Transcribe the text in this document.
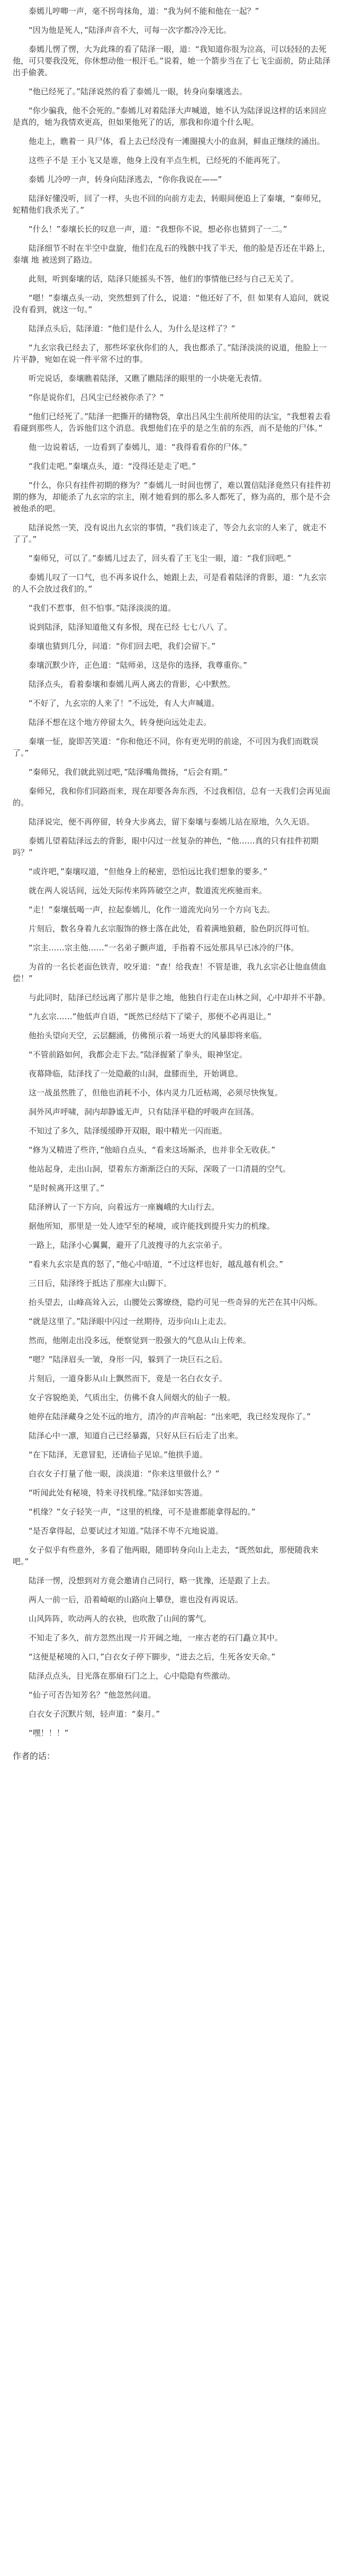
泰嫣儿哼唧一声，毫不拐弯抹角，道：“我为何不能和他在一起？”

“因为他是死人，”陆泽声音不大，可每一次字都冷冷无比。

泰嫣儿愣了愣，大为此珠的看了陆泽一眼，道：“我知道你很为泣高，可以轻轻的去死他，可只要我没死，你休想动他一根汗毛。”说着，她一个箭步当在了七飞尘面前，防止陆泽出手偷袭。

“他已经死了。”陆泽说然的看了泰嫣儿一眼，转身向秦壤逃去。

“你少骗我，他不会死的。”泰嫣儿对着陆泽大声喊道，她不认为陆泽说这样的话来回应是真的，她为我情欢更高，但如果他死了的话，那我和你道个什么呢。

他走上，瞧着一 具尸体，看上去已经没有一滩圈摸大小的血洞，鲜血正继续的涌出。

这些子不是 王小飞又是谁，他身上没有半点生机，已经死的不能再死了。

泰嫣 儿冷哼一声，转身向陆泽逃去，“你你我说在——”

陆泽好懂没听，回了一样，头也不回的向前方走去，转眼间便追上了秦壤，“秦师兄，蛇精他们我杀光了。”

“什么！”泰壤长长的叹息一声，道：“我想你不说，想必你也猜到了一二。”

陆泽细节不时在半空中盘旋，他们在乱石的残骸中找了半天，他的脸是否还在半路上，泰壤 地 被送到了路边。

此刻，听到秦壤的话，陆泽只能摇头不答，他们的事情他已经与自己无关了。

“嗯！”泰壤点头一动，突然想到了什么，说道：“他还好了不，但 如果有人追问，就说没有看到，就这一句。”

陆泽点头后，陆泽道：“他们是什么人，为什么是这样了？”

“九玄宗我已经去了，那些坏家伙你们的人，我也都杀了。”陆泽淡淡的说道，他脸上一片平静，宛如在说一件平常不过的事。

听完说话，泰壤瞧着陆泽，又瞧了瞧陆泽的眼里的一小块毫无表情。

“你是说你们，吕风尘已经被你杀了？”

“他们已经死了。”陆泽一把撕开的储物袋，拿出吕风尘生前所使用的法宝，“我想着去看看碰到那些人，告诉他们这个消息。我想他们在乎的是之生前的东西，而不是他的尸体。”

他一边说着话，一边看到了泰嫣儿，道：“我得看看你的尸体。”

“我们走吧。”秦壤点头，道：“没得还是走了吧。”

“什么，你只有挂件初期的修为？”泰嫣儿一时间也愣了，难以置信陆泽竟然只有挂件初期的修为，却能杀了九玄宗的宗主，刚才她看到的那么多人都死了，修为高的，那个是不会被他杀的吧。

陆泽说然一笑，没有说出九玄宗的事情，“我们该走了，等会九玄宗的人来了，就走不了了。”

“秦师兄，可以了。”泰嫣儿过去了，回头看了王飞尘一眼，道：“我们回吧。”

泰嫣儿叹了一口气，也不再多说什么，她跟上去，可是看着陆泽的背影，道：“九玄宗的人不会放过我们的。”

“我们不惹事，但不怕事。”陆泽淡淡的道。

说到陆泽，陆泽知道他又有多恨，现在已经 七七八八 了。

泰壤也猜到几分，问道：“你们回去吧，我们会留下。”

泰壤沉默少许，正色道：“陆师弟，这是你的选择，我尊重你。”

陆泽点头，看着泰壤和泰嫣儿两人离去的背影，心中默然。

“不好了，九玄宗的人来了！”不远处，有人大声喊道。

陆泽不想在这个地方停留太久，转身便向远处走去。

秦壤一怔，旋即苦笑道：“你和他还不同，你有更光明的前途，不可因为我们而耽误了。”

“秦师兄，我们就此别过吧，”陆泽嘴角微扬，“后会有期。”

秦师兄，我和你们同路而来，现在却要各奔东西，不过我相信，总有一天我们会再见面的。

陆泽说完，便不再停留，转身大步离去，留下秦壤与泰嫣儿站在原地，久久无语。

泰嫣儿望着陆泽远去的背影，眼中闪过一丝复杂的神色，“他……真的只有挂件初期吗？”

“或许吧，”秦壤叹道，“但他身上的秘密，恐怕远比我们想象的要多。”

就在两人说话间，远处天际传来阵阵破空之声，数道流光疾驰而来。

“走！”秦壤低喝一声，拉起泰嫣儿，化作一道流光向另一个方向飞去。

片刻后，数名身着九玄宗服饰的修士落在此处，看着满地狼藉，脸色阴沉得可怕。

“宗主……宗主他……”一名弟子颤声道，手指着不远处那具早已冰冷的尸体。

为首的一名长老面色铁青，咬牙道：“查！给我查！不管是谁，我九玄宗必让他血债血偿！”

与此同时，陆泽已经远离了那片是非之地，他独自行走在山林之间，心中却并不平静。

“九玄宗……”他低声自语，“既然已经结下了梁子，那便不必再退让。”

他抬头望向天空，云层翻涌，仿佛预示着一场更大的风暴即将来临。

“不管前路如何，我都会走下去。”陆泽握紧了拳头，眼神坚定。

夜幕降临，陆泽找了一处隐蔽的山洞，盘膝而坐，开始调息。

这一战虽然胜了，但他也消耗不小，体内灵力几近枯竭，必须尽快恢复。

洞外风声呼啸，洞内却静谧无声，只有陆泽平稳的呼吸声在回荡。

不知过了多久，陆泽缓缓睁开双眼，眼中精光一闪而逝。

“修为又精进了些许，”他暗自点头，“看来这场厮杀，也并非全无收获。”

他站起身，走出山洞，望着东方渐渐泛白的天际，深吸了一口清晨的空气。

“是时候离开这里了。”

陆泽辨认了一下方向，向着远方一座巍峨的大山行去。

据他所知，那里是一处人迹罕至的秘境，或许能找到提升实力的机缘。

一路上，陆泽小心翼翼，避开了几波搜寻的九玄宗弟子。

“看来九玄宗是真的怒了，”他心中暗道，“不过这样也好，越乱越有机会。”

三日后，陆泽终于抵达了那座大山脚下。

抬头望去，山峰高耸入云，山腰处云雾缭绕，隐约可见一些奇异的光芒在其中闪烁。

“就是这里了。”陆泽眼中闪过一丝期待，迈步向山上走去。

然而，他刚走出没多远，便察觉到一股强大的气息从山上传来。

“嗯？”陆泽眉头一皱，身形一闪，躲到了一块巨石之后。

片刻后，一道身影从山上飘然而下，竟是一名白衣女子。

女子容貌绝美，气质出尘，仿佛不食人间烟火的仙子一般。

她停在陆泽藏身之处不远的地方，清冷的声音响起：“出来吧，我已经发现你了。”

陆泽心中一凛，知道自己已经暴露，只好从巨石后走了出来。

“在下陆泽，无意冒犯，还请仙子见谅。”他拱手道。

白衣女子打量了他一眼，淡淡道：“你来这里做什么？”

“听闻此处有秘境，特来寻找机缘。”陆泽如实答道。

“机缘？”女子轻笑一声，“这里的机缘，可不是谁都能拿得起的。”

“是否拿得起，总要试过才知道。”陆泽不卑不亢地说道。

女子似乎有些意外，多看了他两眼，随即转身向山上走去，“既然如此，那便随我来吧。”

陆泽一愣，没想到对方竟会邀请自己同行，略一犹豫，还是跟了上去。

两人一前一后，沿着崎岖的山路向上攀登，谁也没有再说话。

山风阵阵，吹动两人的衣袂，也吹散了山间的雾气。

不知走了多久，前方忽然出现一片开阔之地，一座古老的石门矗立其中。

“这便是秘境的入口，”白衣女子停下脚步，“进去之后，生死各安天命。”

陆泽点点头，目光落在那扇石门之上，心中隐隐有些激动。

“仙子可否告知芳名？”他忽然问道。

白衣女子沉默片刻，轻声道：“秦月。”

“嘿！！！”

作者的话：
